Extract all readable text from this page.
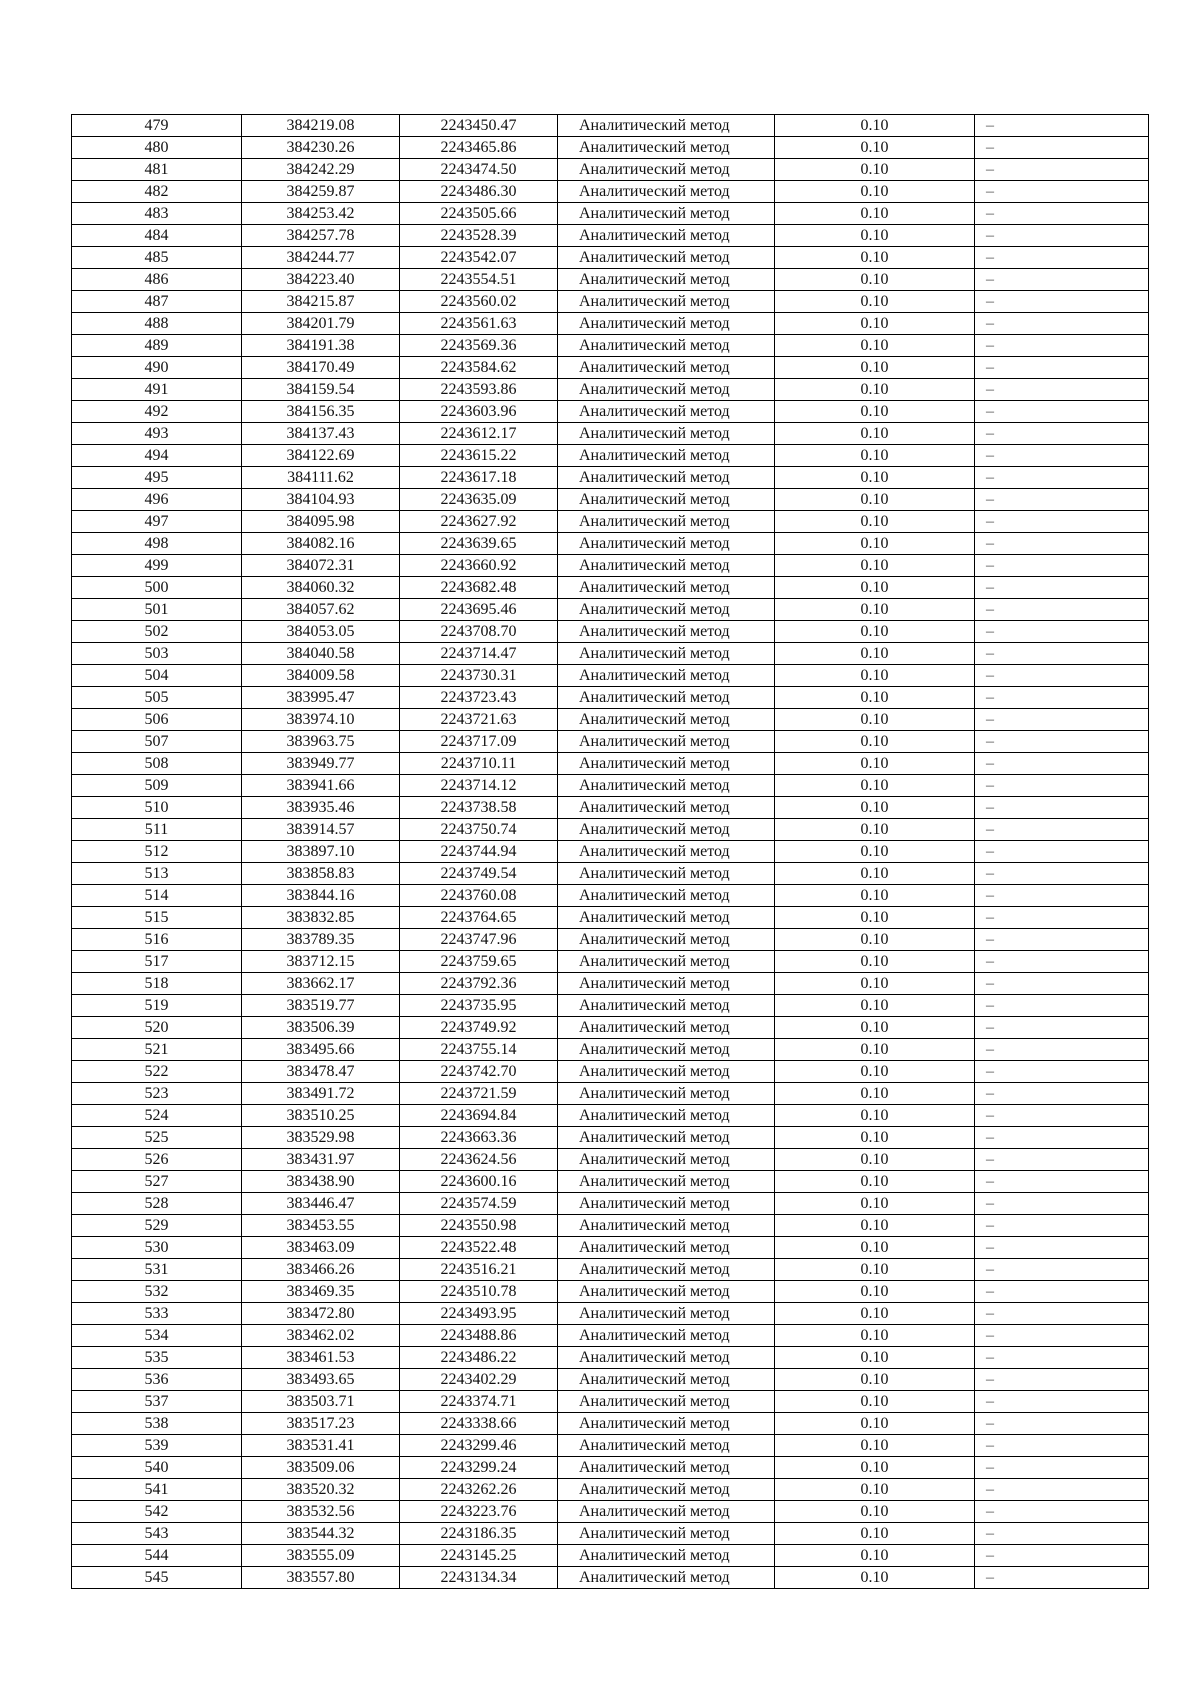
479	384219.08	2243450.47	Аналитический метод	0.10	–
480	384230.26	2243465.86	Аналитический метод	0.10	–
481	384242.29	2243474.50	Аналитический метод	0.10	–
482	384259.87	2243486.30	Аналитический метод	0.10	–
483	384253.42	2243505.66	Аналитический метод	0.10	–
484	384257.78	2243528.39	Аналитический метод	0.10	–
485	384244.77	2243542.07	Аналитический метод	0.10	–
486	384223.40	2243554.51	Аналитический метод	0.10	–
487	384215.87	2243560.02	Аналитический метод	0.10	–
488	384201.79	2243561.63	Аналитический метод	0.10	–
489	384191.38	2243569.36	Аналитический метод	0.10	–
490	384170.49	2243584.62	Аналитический метод	0.10	–
491	384159.54	2243593.86	Аналитический метод	0.10	–
492	384156.35	2243603.96	Аналитический метод	0.10	–
493	384137.43	2243612.17	Аналитический метод	0.10	–
494	384122.69	2243615.22	Аналитический метод	0.10	–
495	384111.62	2243617.18	Аналитический метод	0.10	–
496	384104.93	2243635.09	Аналитический метод	0.10	–
497	384095.98	2243627.92	Аналитический метод	0.10	–
498	384082.16	2243639.65	Аналитический метод	0.10	–
499	384072.31	2243660.92	Аналитический метод	0.10	–
500	384060.32	2243682.48	Аналитический метод	0.10	–
501	384057.62	2243695.46	Аналитический метод	0.10	–
502	384053.05	2243708.70	Аналитический метод	0.10	–
503	384040.58	2243714.47	Аналитический метод	0.10	–
504	384009.58	2243730.31	Аналитический метод	0.10	–
505	383995.47	2243723.43	Аналитический метод	0.10	–
506	383974.10	2243721.63	Аналитический метод	0.10	–
507	383963.75	2243717.09	Аналитический метод	0.10	–
508	383949.77	2243710.11	Аналитический метод	0.10	–
509	383941.66	2243714.12	Аналитический метод	0.10	–
510	383935.46	2243738.58	Аналитический метод	0.10	–
511	383914.57	2243750.74	Аналитический метод	0.10	–
512	383897.10	2243744.94	Аналитический метод	0.10	–
513	383858.83	2243749.54	Аналитический метод	0.10	–
514	383844.16	2243760.08	Аналитический метод	0.10	–
515	383832.85	2243764.65	Аналитический метод	0.10	–
516	383789.35	2243747.96	Аналитический метод	0.10	–
517	383712.15	2243759.65	Аналитический метод	0.10	–
518	383662.17	2243792.36	Аналитический метод	0.10	–
519	383519.77	2243735.95	Аналитический метод	0.10	–
520	383506.39	2243749.92	Аналитический метод	0.10	–
521	383495.66	2243755.14	Аналитический метод	0.10	–
522	383478.47	2243742.70	Аналитический метод	0.10	–
523	383491.72	2243721.59	Аналитический метод	0.10	–
524	383510.25	2243694.84	Аналитический метод	0.10	–
525	383529.98	2243663.36	Аналитический метод	0.10	–
526	383431.97	2243624.56	Аналитический метод	0.10	–
527	383438.90	2243600.16	Аналитический метод	0.10	–
528	383446.47	2243574.59	Аналитический метод	0.10	–
529	383453.55	2243550.98	Аналитический метод	0.10	–
530	383463.09	2243522.48	Аналитический метод	0.10	–
531	383466.26	2243516.21	Аналитический метод	0.10	–
532	383469.35	2243510.78	Аналитический метод	0.10	–
533	383472.80	2243493.95	Аналитический метод	0.10	–
534	383462.02	2243488.86	Аналитический метод	0.10	–
535	383461.53	2243486.22	Аналитический метод	0.10	–
536	383493.65	2243402.29	Аналитический метод	0.10	–
537	383503.71	2243374.71	Аналитический метод	0.10	–
538	383517.23	2243338.66	Аналитический метод	0.10	–
539	383531.41	2243299.46	Аналитический метод	0.10	–
540	383509.06	2243299.24	Аналитический метод	0.10	–
541	383520.32	2243262.26	Аналитический метод	0.10	–
542	383532.56	2243223.76	Аналитический метод	0.10	–
543	383544.32	2243186.35	Аналитический метод	0.10	–
544	383555.09	2243145.25	Аналитический метод	0.10	–
545	383557.80	2243134.34	Аналитический метод	0.10	–
